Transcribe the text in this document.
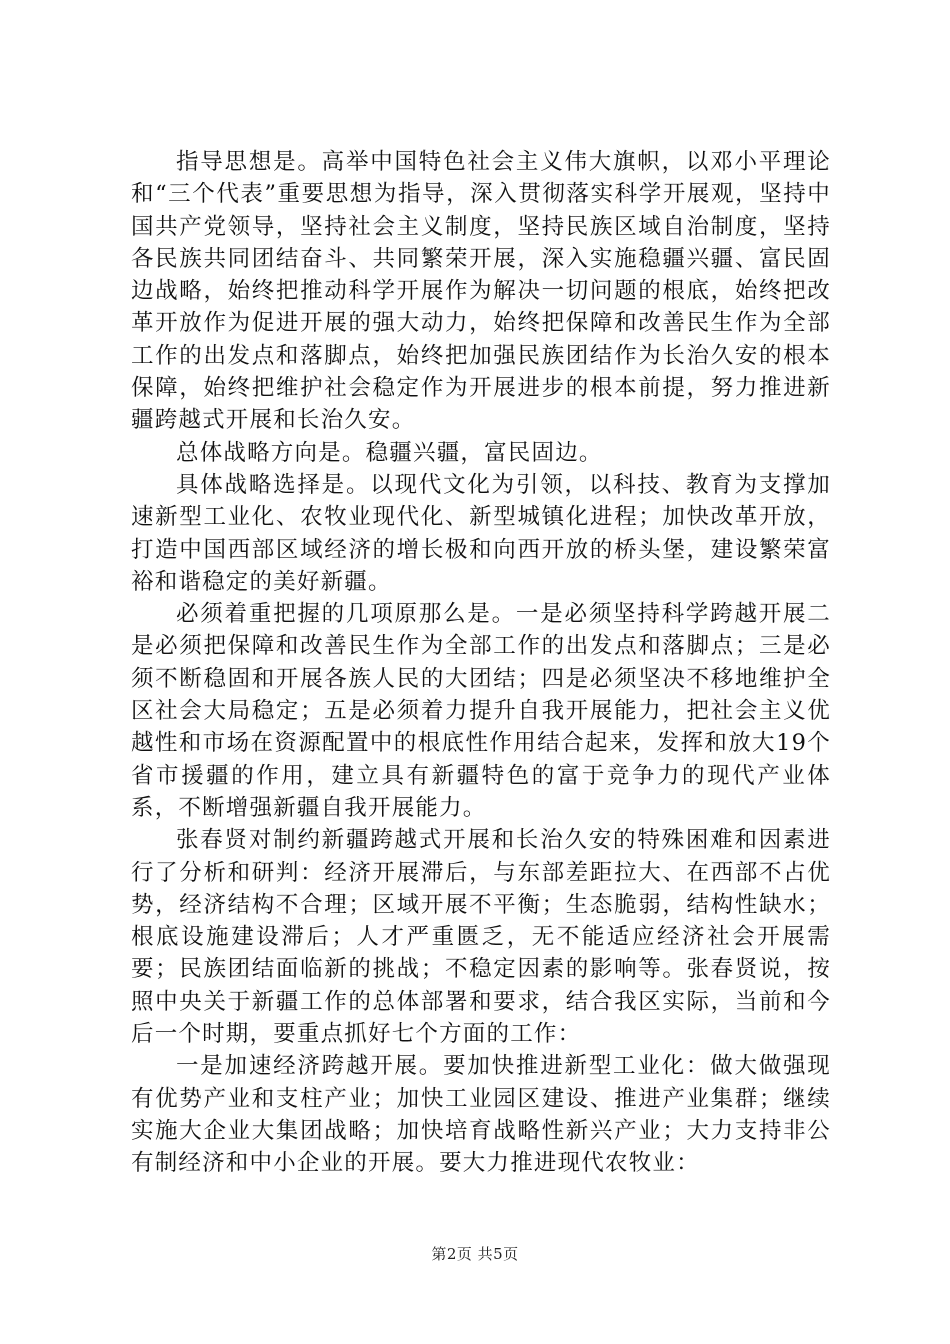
指导思想是。高举中国特色社会主义伟大旗帜，以邓小平理论和“三个代表”重要思想为指导，深入贯彻落实科学开展观，坚持中国共产党领导，坚持社会主义制度，坚持民族区域自治制度，坚持各民族共同团结奋斗、共同繁荣开展，深入实施稳疆兴疆、富民固边战略，始终把推动科学开展作为解决一切问题的根底，始终把改革开放作为促进开展的强大动力，始终把保障和改善民生作为全部工作的出发点和落脚点，始终把加强民族团结作为长治久安的根本保障，始终把维护社会稳定作为开展进步的根本前提，努力推进新疆跨越式开展和长治久安。

总体战略方向是。稳疆兴疆，富民固边。

具体战略选择是。以现代文化为引领，以科技、教育为支撑加速新型工业化、农牧业现代化、新型城镇化进程；加快改革开放，打造中国西部区域经济的增长极和向西开放的桥头堡，建设繁荣富裕和谐稳定的美好新疆。

必须着重把握的几项原那么是。一是必须坚持科学跨越开展二是必须把保障和改善民生作为全部工作的出发点和落脚点；三是必须不断稳固和开展各族人民的大团结；四是必须坚决不移地维护全区社会大局稳定；五是必须着力提升自我开展能力，把社会主义优越性和市场在资源配置中的根底性作用结合起来，发挥和放大19个省市援疆的作用，建立具有新疆特色的富于竞争力的现代产业体系，不断增强新疆自我开展能力。

张春贤对制约新疆跨越式开展和长治久安的特殊困难和因素进行了分析和研判：经济开展滞后，与东部差距拉大、在西部不占优势，经济结构不合理；区域开展不平衡；生态脆弱，结构性缺水；根底设施建设滞后；人才严重匮乏，无不能适应经济社会开展需要；民族团结面临新的挑战；不稳定因素的影响等。张春贤说，按照中央关于新疆工作的总体部署和要求，结合我区实际，当前和今后一个时期，要重点抓好七个方面的工作：

一是加速经济跨越开展。要加快推进新型工业化：做大做强现有优势产业和支柱产业；加快工业园区建设、推进产业集群；继续实施大企业大集团战略；加快培育战略性新兴产业；大力支持非公有制经济和中小企业的开展。要大力推进现代农牧业：

第2页 共5页
